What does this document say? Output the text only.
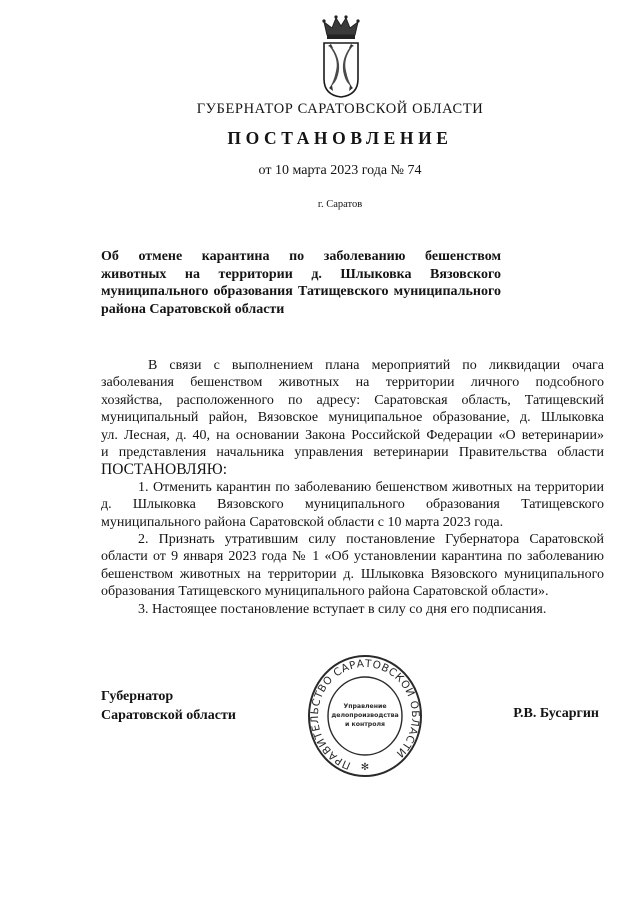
ГУБЕРНАТОР САРАТОВСКОЙ ОБЛАСТИ
ПОСТАНОВЛЕНИЕ
от 10 марта 2023 года № 74
г. Саратов

Об отмене карантина по заболеванию бешенством

животных на территории д. Шлыковка Вязовского

муниципального образования Татищевского муниципального

района Саратовской области

В связи с выполнением плана мероприятий по ликвидации очага

заболевания бешенством животных на территории личного подсобного

хозяйства, расположенного по адресу: Саратовская область, Татищевский

муниципальный район, Вязовское муниципальное образование, д. Шлыковка

ул. Лесная, д. 40, на основании Закона Российской Федерации «О ветеринарии»

и представления начальника управления ветеринарии Правительства области

ПОСТАНОВЛЯЮ:

1. Отменить карантин по заболеванию бешенством животных на территории

д. Шлыковка Вязовского муниципального образования Татищевского

муниципального района Саратовской области с 10 марта 2023 года.

2. Признать утратившим силу постановление Губернатора Саратовской

области от 9 января 2023 года № 1 «Об установлении карантина по заболеванию

бешенством животных на территории д. Шлыковка Вязовского муниципального

образования Татищевского муниципального района Саратовской области».

3. Настоящее постановление вступает в силу со дня его подписания.

Губернатор
Саратовской области
ПРАВИТЕЛЬСТВО САРАТОВСКОЙ ОБЛАСТИ
Управление
делопроизводства
и контроля
✻
Р.В. Бусаргин
